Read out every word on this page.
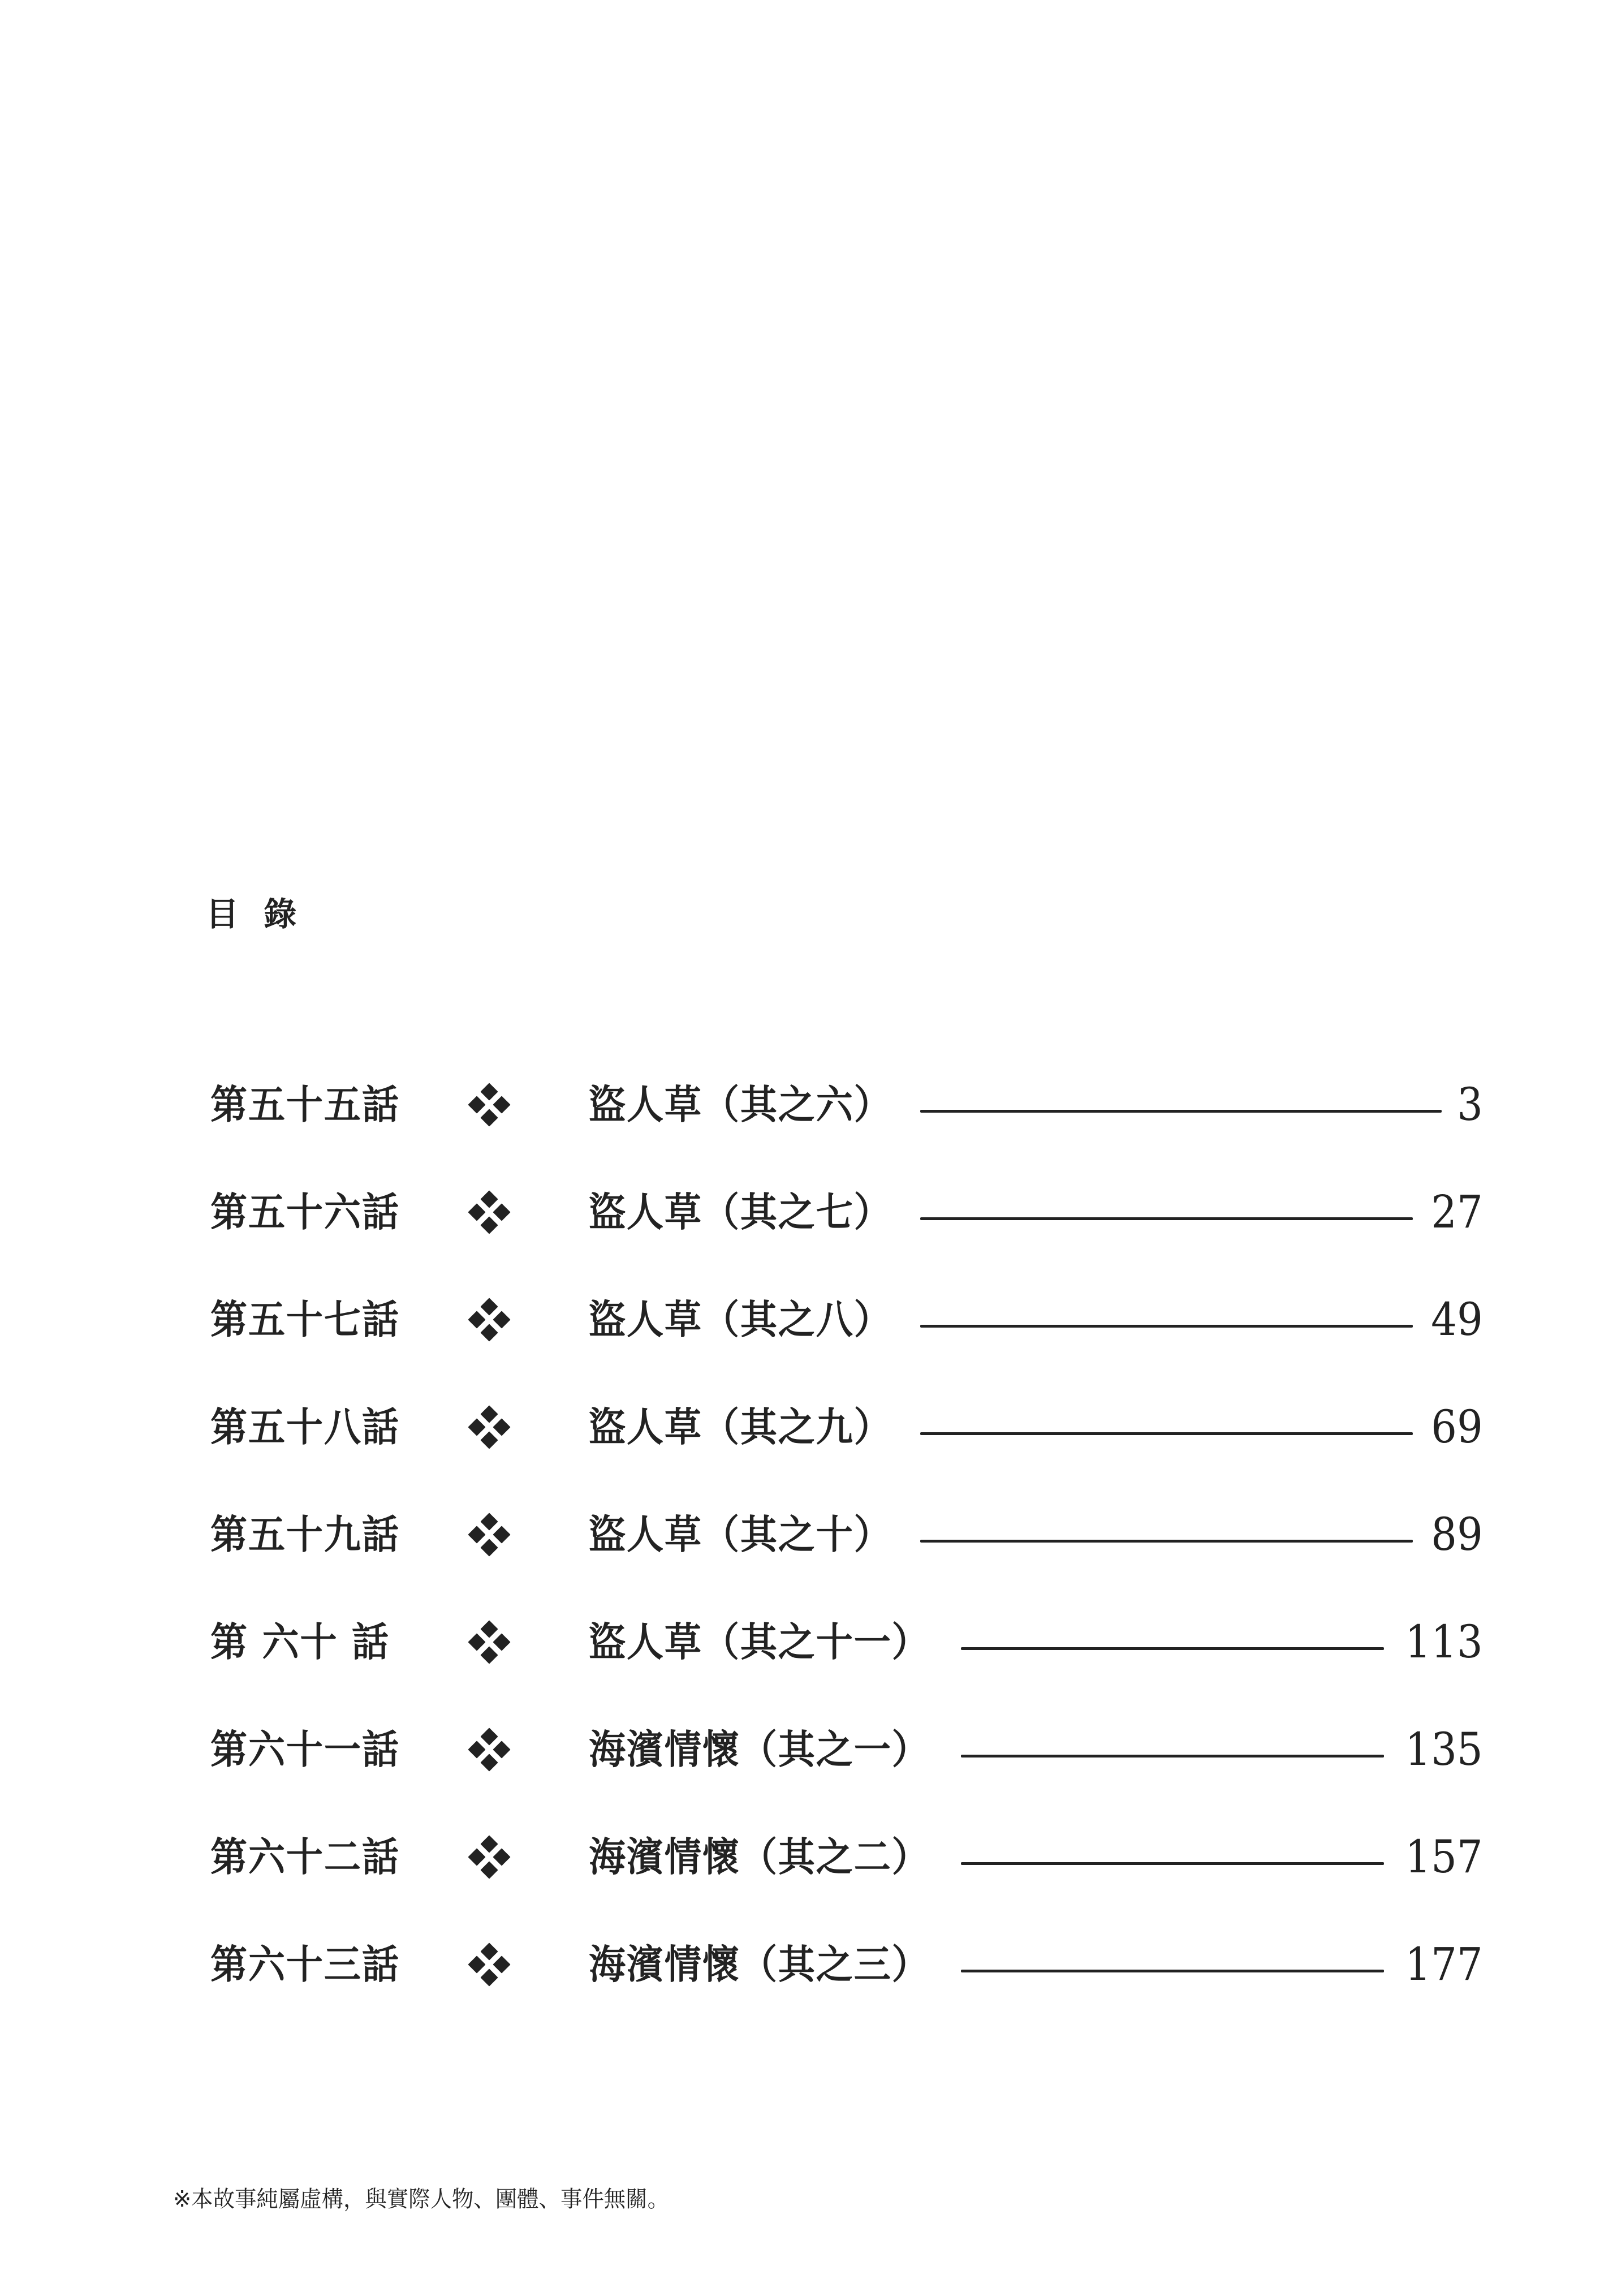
目 錄
第五十五話	盜人草（其之六）	3
第五十六話	盜人草（其之七）	27
第五十七話	盜人草（其之八）	49
第五十八話	盜人草（其之九）	69
第五十九話	盜人草（其之十）	89
第 六十 話	盜人草（其之十一）	113
第六十一話	海濱情懷（其之一）	135
第六十二話	海濱情懷（其之二）	157
第六十三話	海濱情懷（其之三）	177
※本故事純屬虛構，與實際人物、團體、事件無關。
